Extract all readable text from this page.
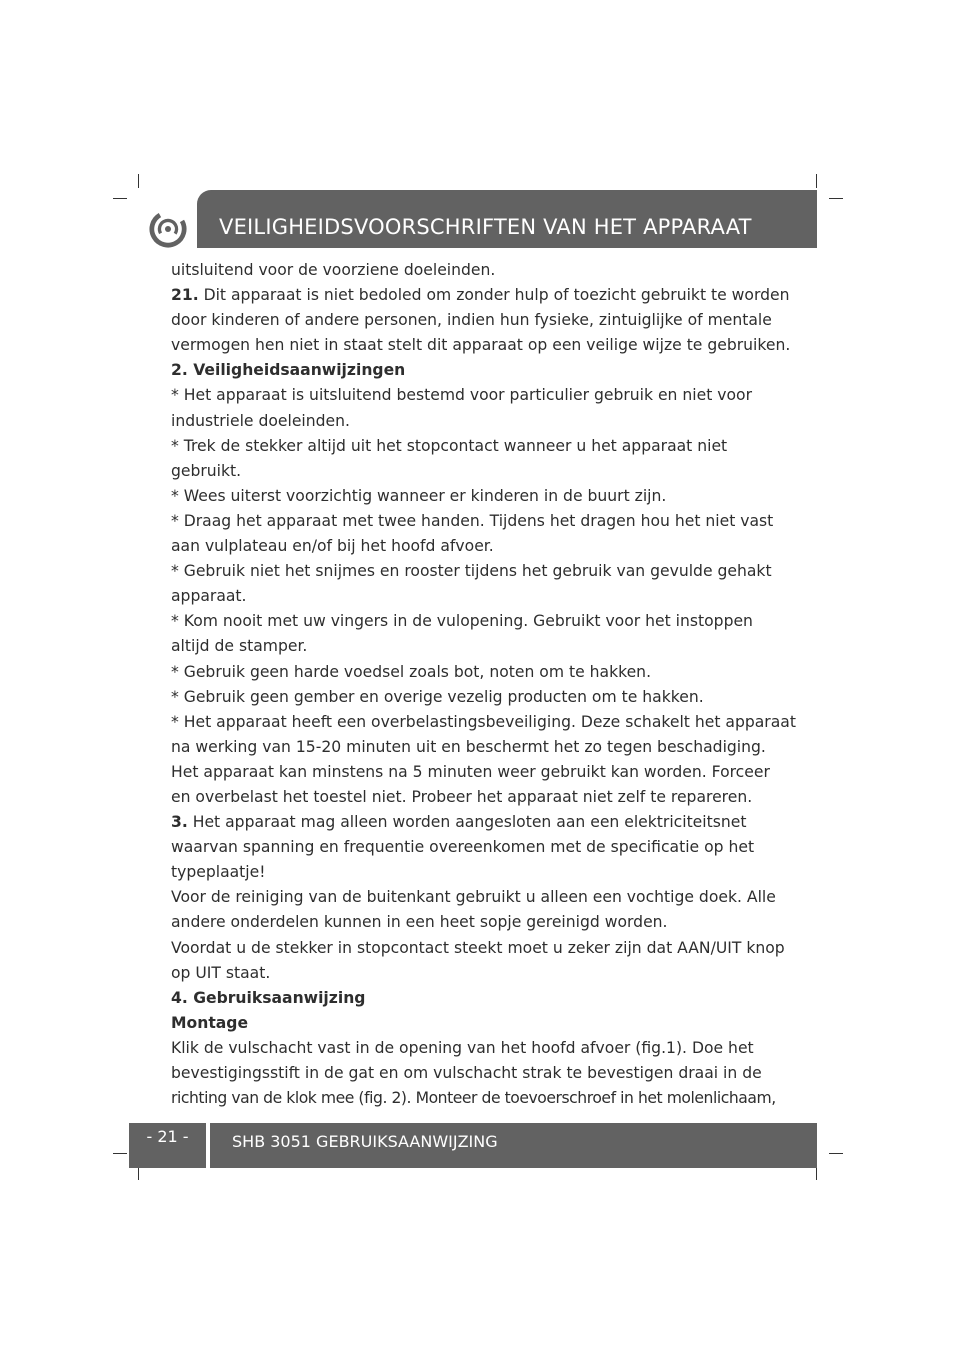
VEILIGHEIDSVOORSCHRIFTEN VAN HET APPARAAT

uitsluitend voor de voorziene doeleinden.

21. Dit apparaat is niet bedoled om zonder hulp of toezicht gebruikt te worden

door kinderen of andere personen, indien hun fysieke, zintuiglijke of mentale

vermogen hen niet in staat stelt dit apparaat op een veilige wijze te gebruiken.

2. Veiligheidsaanwijzingen

* Het apparaat is uitsluitend bestemd voor particulier gebruik en niet voor

industriele doeleinden.

* Trek de stekker altijd uit het stopcontact wanneer u het apparaat niet

gebruikt.

* Wees uiterst voorzichtig wanneer er kinderen in de buurt zijn.

* Draag het apparaat met twee handen. Tijdens het dragen hou het niet vast

aan vulplateau en/of bij het hoofd afvoer.

* Gebruik niet het snijmes en rooster tijdens het gebruik van gevulde gehakt

apparaat.

* Kom nooit met uw vingers in de vulopening. Gebruikt voor het instoppen

altijd de stamper.

* Gebruik geen harde voedsel zoals bot, noten om te hakken.

* Gebruik geen gember en overige vezelig producten om te hakken.

* Het apparaat heeft een overbelastingsbeveiliging. Deze schakelt het apparaat

na werking van 15-20 minuten uit en beschermt het zo tegen beschadiging.

Het apparaat kan minstens na 5 minuten weer gebruikt kan worden. Forceer

en overbelast het toestel niet. Probeer het apparaat niet zelf te repareren.

3. Het apparaat mag alleen worden aangesloten aan een elektriciteitsnet

waarvan spanning en frequentie overeenkomen met de specificatie op het

typeplaatje!

Voor de reiniging van de buitenkant gebruikt u alleen een vochtige doek. Alle

andere onderdelen kunnen in een heet sopje gereinigd worden.

Voordat u de stekker in stopcontact steekt moet u zeker zijn dat AAN/UIT knop

op UIT staat.

4. Gebruiksaanwijzing

Montage

Klik de vulschacht vast in de opening van het hoofd afvoer (fig.1). Doe het

bevestigingsstift in de gat en om vulschacht strak te bevestigen draai in de

richting van de klok mee (fig. 2). Monteer de toevoerschroef in het molenlichaam,

- 21 -	SHB 3051 GEBRUIKSAANWIJZING
